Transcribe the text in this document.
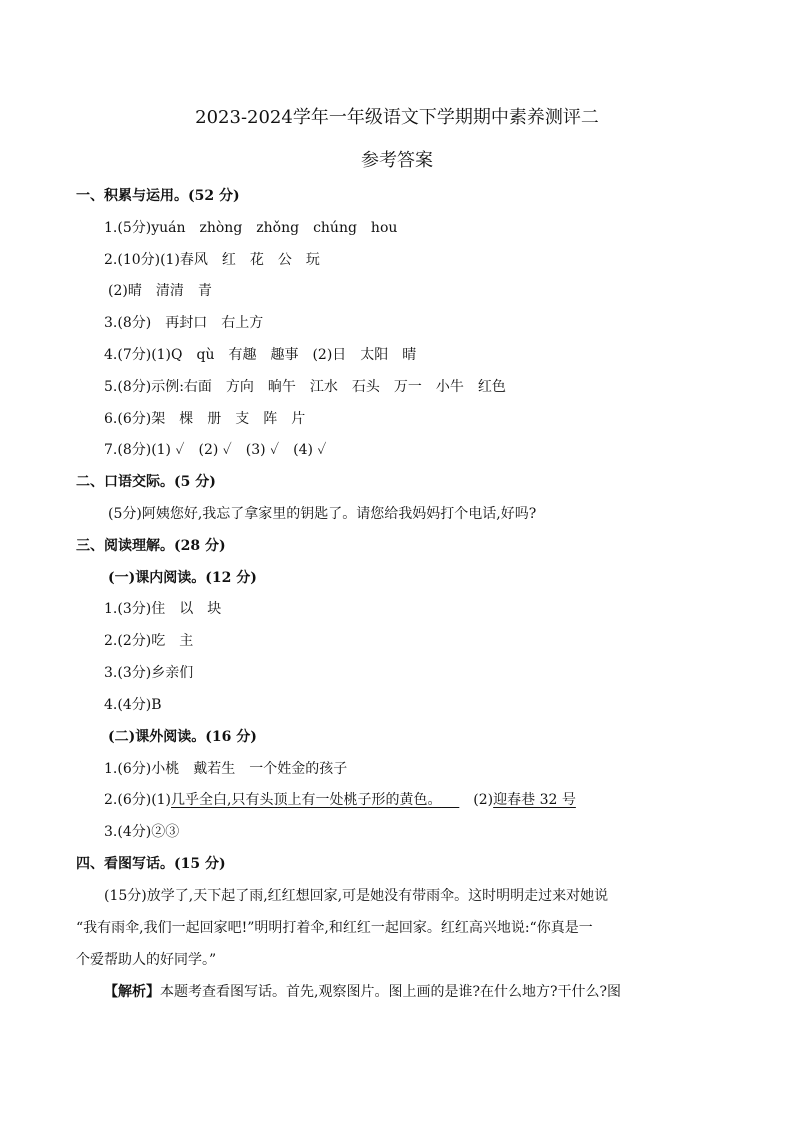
2023-2024学年一年级语文下学期期中素养测评二
参考答案
一、积累与运用。(52 分)
1.(5分)yuán　zhòng　zhǒng　chúng　hou
2.(10分)(1)春风　红　花　公　玩
(2)晴　清清　青
3.(8分)　再封口　右上方
4.(7分)(1)Q　qù　有趣　趣事　(2)日　太阳　晴
5.(8分)示例:右面　方向　晌午　江水　石头　万一　小牛　红色
6.(6分)架　棵　册　支　阵　片
7.(8分)(1) ✓　(2) ✓　(3) ✓　(4) ✓
二、口语交际。(5 分)
(5分)阿姨您好,我忘了拿家里的钥匙了。请您给我妈妈打个电话,好吗?
三、阅读理解。(28 分)
(一)课内阅读。(12 分)
1.(3分)住　以　块
2.(2分)吃　主
3.(3分)乡亲们
4.(4分)B
(二)课外阅读。(16 分)
1.(6分)小桃　戴若生　一个姓金的孩子
2.(6分)(1)几乎全白,只有头顶上有一处桃子形的黄色。 (2)迎春巷 32 号
3.(4分)②③
四、看图写话。(15 分)
(15分)放学了,天下起了雨,红红想回家,可是她没有带雨伞。这时明明走过来对她说
“我有雨伞,我们一起回家吧!”明明打着伞,和红红一起回家。红红高兴地说:“你真是一
个爱帮助人的好同学。”
【解析】本题考查看图写话。首先,观察图片。图上画的是谁?在什么地方?干什么?图
